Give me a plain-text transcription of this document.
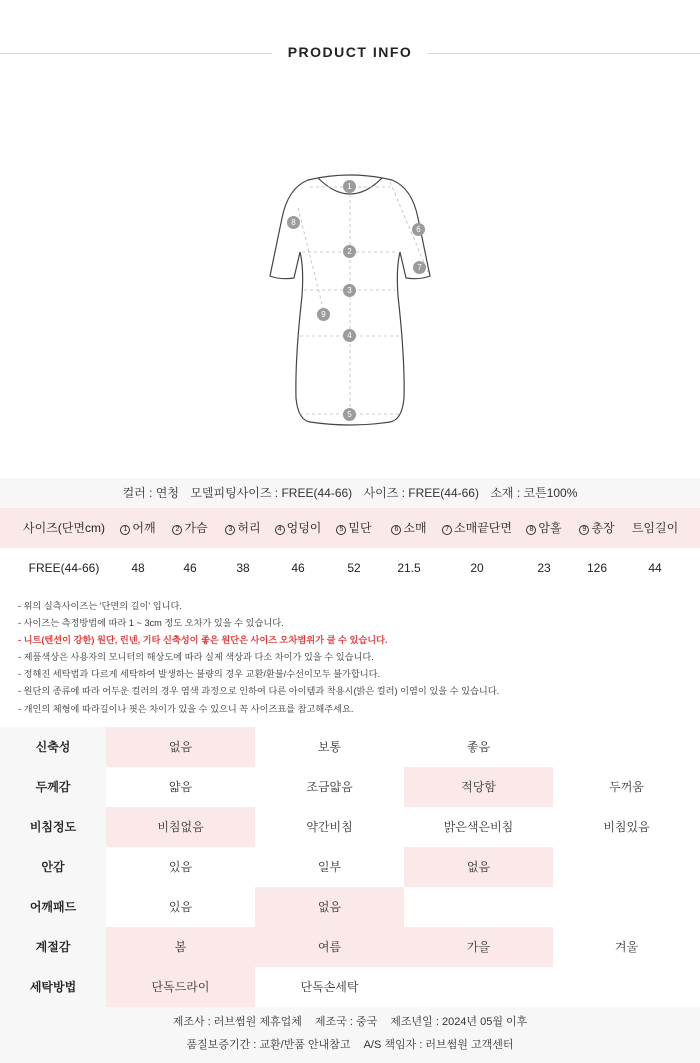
PRODUCT INFO
1
2
3
4
5
6
7
8
9
컬러 : 연청 모델피팅사이즈 : FREE(44-66) 사이즈 : FREE(44-66) 소재 : 코튼100%
사이즈(단면cm)	1 어깨	2 가슴	3 허리	4 엉덩이	5 밑단	6 소매	7 소매끝단면	8 암홀	9 총장 트임길이
FREE(44-66)	48	46	38	46	52	21.5	20	23	126	44
- 위의 실측사이즈는 '단면의 길이' 입니다.
- 사이즈는 측정방법에 따라 1 ~ 3cm 정도 오차가 있을 수 있습니다.
- 니트(텐션이 강한) 원단, 린넨, 기타 신축성이 좋은 원단은 사이즈 오차범위가 클 수 있습니다.
- 제품색상은 사용자의 모니터의 해상도에 따라 실제 색상과 다소 차이가 있을 수 있습니다.
- 정해진 세탁법과 다르게 세탁하여 발생하는 불량의 경우 교환/환불/수선이모두 불가합니다.
- 원단의 종류에 따라 어두운 컬러의 경우 염색 과정으로 인하여 다른 아이템과 착용시(밝은 컬러) 이염이 있을 수 있습니다.
- 개인의 체형에 따라길이나 핏은 차이가 있을 수 있으니 꼭 사이즈표를 참고해주세요.
신축성	없음	보통	좋음
두께감	얇음	조금얇음	적당함	두꺼움
비침정도	비침없음	약간비침	밝은색은비침	비침있음
안감	있음	일부	없음
어깨패드	있음	없음
계절감	봄	여름	가을	겨울
세탁방법	단독드라이	단독손세탁
제조사 : 러브썸원 제휴업체 제조국 : 중국 제조년일 : 2024년 05월 이후
품질보증기간 : 교환/반품 안내참고 A/S 책임자 : 러브썸원 고객센터
